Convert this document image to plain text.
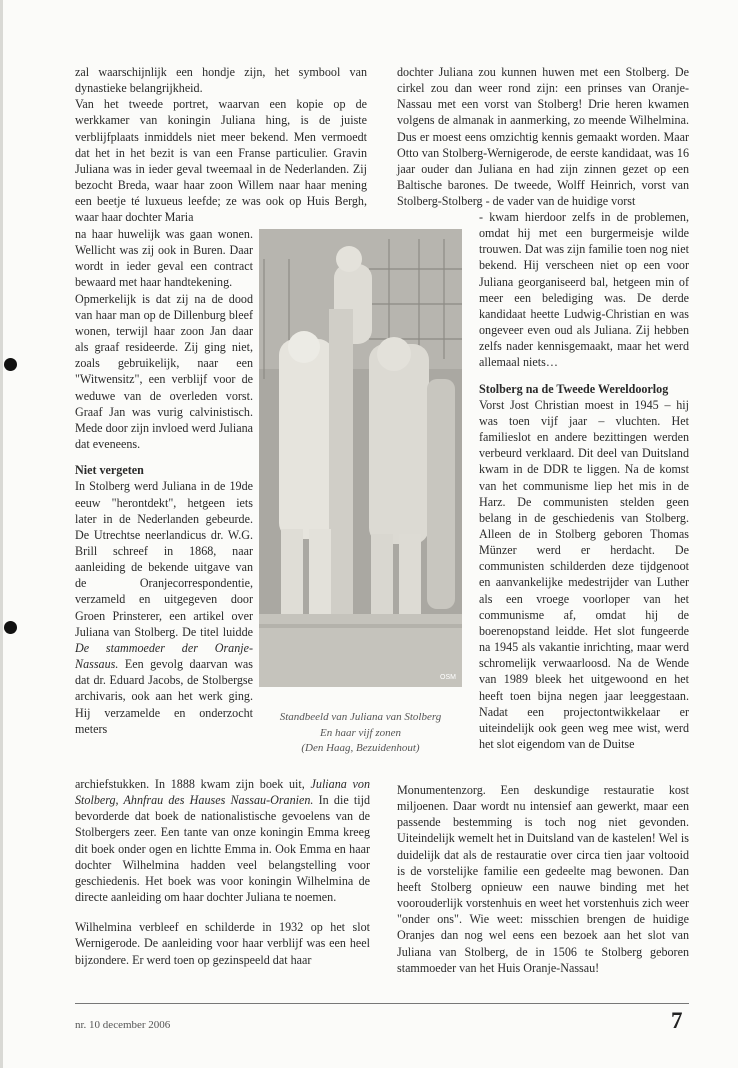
zal waarschijnlijk een hondje zijn, het symbool van dynastieke belangrijkheid.

Van het tweede portret, waarvan een kopie op de werkkamer van koningin Juliana hing, is de juiste verblijfplaats inmiddels niet meer bekend. Men vermoedt dat het in het bezit is van een Franse particulier. Gravin Juliana was in ieder geval tweemaal in de Nederlanden. Zij bezocht Breda, waar haar zoon Willem naar haar mening een beetje té luxueus leefde; ze was ook op Huis Bergh, waar haar dochter Maria

na haar huwelijk was gaan wonen. Wellicht was zij ook in Buren. Daar wordt in ieder geval een contract bewaard met haar handtekening.

Opmerkelijk is dat zij na de dood van haar man op de Dillenburg bleef wonen, terwijl haar zoon Jan daar als graaf resideerde. Zij ging niet, zoals gebruikelijk, naar een "Witwensitz", een verblijf voor de weduwe van de overleden vorst. Graaf Jan was vurig calvinistisch. Mede door zijn invloed werd Juliana dat eveneens.

Niet vergeten

In Stolberg werd Juliana in de 19de eeuw "herontdekt", hetgeen iets later in de Nederlanden gebeurde. De Utrechtse neerlandicus dr. W.G. Brill schreef in 1868, naar aanleiding de bekende uitgave van de Oranjecorrespondentie, verzameld en uitgegeven door Groen Prinsterer, een artikel over Juliana van Stolberg. De titel luidde De stammoeder der Oranje-Nassaus. Een gevolg daarvan was dat dr. Eduard Jacobs, de Stolbergse archivaris, ook aan het werk ging. Hij verzamelde en onderzocht meters

archiefstukken. In 1888 kwam zijn boek uit, Juliana von Stolberg, Ahnfrau des Hauses Nassau-Oranien. In die tijd bevorderde dat boek de nationalistische gevoelens van de Stolbergers zeer. Een tante van onze koningin Emma kreeg dit boek onder ogen en lichtte Emma in. Ook Emma en haar dochter Wilhelmina hadden veel belangstelling voor geschiedenis. Het boek was voor koningin Wilhelmina de directe aanleiding om haar dochter Juliana te noemen.

Wilhelmina verbleef en schilderde in 1932 op het slot Wernigerode. De aanleiding voor haar verblijf was een heel bijzondere. Er werd toen op gezinspeeld dat haar

OSM
Standbeeld van Juliana van Stolberg
En haar vijf zonen
(Den Haag, Bezuidenhout)

dochter Juliana zou kunnen huwen met een Stolberg. De cirkel zou dan weer rond zijn: een prinses van Oranje-Nassau met een vorst van Stolberg! Drie heren kwamen volgens de almanak in aanmerking, zo meende Wilhelmina. Dus er moest eens omzichtig kennis gemaakt worden. Maar Otto van Stolberg-Wernigerode, de eerste kandidaat, was 16 jaar ouder dan Juliana en had zijn zinnen gezet op een Baltische barones. De tweede, Wolff Heinrich, vorst van Stolberg-Stolberg - de vader van de huidige vorst

- kwam hierdoor zelfs in de problemen, omdat hij met een burgermeisje wilde trouwen. Dat was zijn familie toen nog niet bekend. Hij verscheen niet op een voor Juliana georganiseerd bal, hetgeen min of meer een belediging was. De derde kandidaat heette Ludwig-Christian en was ongeveer even oud als Juliana. Zij hebben zelfs nader kennisgemaakt, maar het werd allemaal niets…

Stolberg na de Tweede Wereldoorlog

Vorst Jost Christian moest in 1945 – hij was toen vijf jaar – vluchten. Het familieslot en andere bezittingen werden verbeurd verklaard. Dit deel van Duitsland kwam in de DDR te liggen. Na de komst van het communisme liep het mis in de Harz. De communisten stelden geen belang in de geschiedenis van Stolberg. Alleen de in Stolberg geboren Thomas Münzer werd er herdacht. De communisten schilderden deze tijdgenoot en aanvankelijke medestrijder van Luther als een vroege voorloper van het communisme af, omdat hij de boerenopstand leidde. Het slot fungeerde na 1945 als vakantie inrichting, maar werd schromelijk verwaarloosd. Na de Wende van 1989 bleek het uitgewoond en het heeft toen bijna negen jaar leeggestaan. Nadat een projectontwikkelaar er uiteindelijk ook geen weg mee wist, werd het slot eigendom van de Duitse

Monumentenzorg. Een deskundige restauratie kost miljoenen. Daar wordt nu intensief aan gewerkt, maar een passende bestemming is toch nog niet gevonden. Uiteindelijk wemelt het in Duitsland van de kastelen! Wel is duidelijk dat als de restauratie over circa tien jaar voltooid is de vorstelijke familie een gedeelte mag bewonen. Dan heeft Stolberg opnieuw een nauwe binding met het voorouderlijk vorstenhuis en weet het vorstenhuis zich weer "onder ons". Wie weet: misschien brengen de huidige Oranjes dan nog wel eens een bezoek aan het slot van Juliana van Stolberg, de in 1506 te Stolberg geboren stammoeder van het Huis Oranje-Nassau!

nr. 10 december 2006	7
